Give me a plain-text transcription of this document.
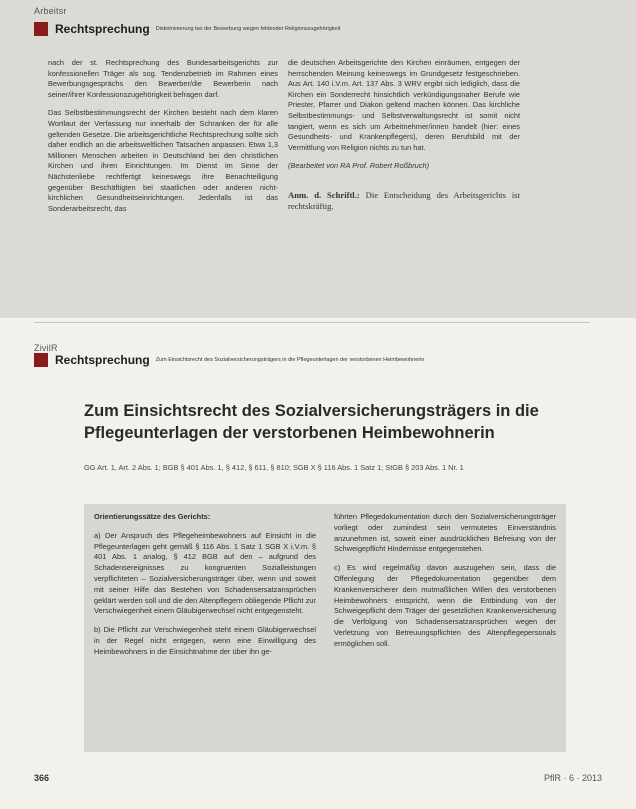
Arbeitsr
Rechtsprechung Diskriminierung bei der Bewerbung wegen fehlender Religionszugehörigkeit

nach der st. Rechtsprechung des Bundesarbeitsgerichts zur konfessionellen Träger als sog. Tendenzbetrieb im Rahmen eines Bewerbungsgesprächs den Bewerber/die Bewerberin nach seiner/ihrer Konfessionszugehörigkeit befragen darf.

Das Selbstbestimmungsrecht der Kirchen besteht nach dem klaren Wortlaut der Verfassung nur innerhalb der Schranken der für alle geltenden Gesetze. Die arbeitsgerichtliche Rechtsprechung sollte sich daher endlich an die arbeitsweltlichen Tatsachen anpassen. Etwa 1,3 Millionen Menschen arbeiten in Deutschland bei den christlichen Kirchen und ihren Einrichtungen. Im Dienst im Sinne der Nächstenliebe rechtfertigt keineswegs ihre Benachteiligung gegenüber Beschäftigten bei staatlichen oder anderen nicht-kirchlichen Gesundheitseinrichtungen. Jedenfalls ist das Sonderarbeitsrecht, das

die deutschen Arbeitsgerichte den Kirchen einräumen, entgegen der herrschenden Meinung keineswegs im Grundgesetz festgeschrieben. Aus Art. 140 i.V.m. Art. 137 Abs. 3 WRV ergibt sich lediglich, dass die Kirchen ein Sonderrecht hinsichtlich verkündigungsnaher Berufe wie Priester, Pfarrer und Diakon geltend machen können. Das kirchliche Selbstbestimmungs- und Selbstverwaltungsrecht ist somit nicht tangiert, wenn es sich um Arbeitnehmer/innen handelt (hier: eines Gesundheits- und Krankenpflegers), deren Berufsbild mit der Vermittlung von Religion nichts zu tun hat.

(Bearbeitet von RA Prof. Robert Roßbruch)
Anm. d. Schriftl.: Die Entscheidung des Arbeitsgerichts ist rechtskräftig.
ZivilR
Rechtsprechung Zum Einsichtsrecht des Sozialversicherungsträgers in die Pflegeunterlagen der verstorbenen Heimbewohnerin
Zum Einsichtsrecht des Sozialversicherungsträgers in die Pflegeunterlagen der verstorbenen Heimbewohnerin
GG Art. 1, Art. 2 Abs. 1; BGB § 401 Abs. 1, § 412, § 611, § 810; SGB X § 116 Abs. 1 Satz 1; StGB § 203 Abs. 1 Nr. 1
Orientierungssätze des Gerichts:

a) Der Anspruch des Pflegeheimbewohners auf Einsicht in die Pflegeunterlagen geht gemäß § 116 Abs. 1 Satz 1 SGB X i.V.m. § 401 Abs. 1 analog, § 412 BGB auf den – aufgrund des Schadensereignisses zu kongruenten Sozialleistungen verpflichteten – Sozialversicherungsträger über, wenn und soweit mit seiner Hilfe das Bestehen von Schadensersatzansprüchen geklärt werden soll und die den Altenpflegern obliegende Pflicht zur Verschwiegenheit einem Gläubigerwechsel nicht entgegensteht.

b) Die Pflicht zur Verschwiegenheit steht einem Gläubigerwechsel in der Regel nicht entgegen, wenn eine Einwilligung des Heimbewohners in die Einsichtnahme der über ihn ge-

führten Pflegedokumentation durch den Sozialversicherungsträger vorliegt oder zumindest sein vermutetes Einverständnis anzunehmen ist, soweit einer ausdrücklichen Befreiung von der Schweigepflicht Hindernisse entgegenstehen.

c) Es wird regelmäßig davon auszugehen sein, dass die Offenlegung der Pflegedokumentation gegenüber dem Krankenversicherer dem mutmaßlichen Willen des verstorbenen Heimbewohners entspricht, wenn die Entbindung von der Schweigepflicht dem Träger der gesetzlichen Krankenversicherung die Verfolgung von Schadensersatzansprüchen wegen der Verletzung von Betreuungspflichten des Altenpflegepersonals ermöglichen soll.

366	PflR · 6 · 2013
